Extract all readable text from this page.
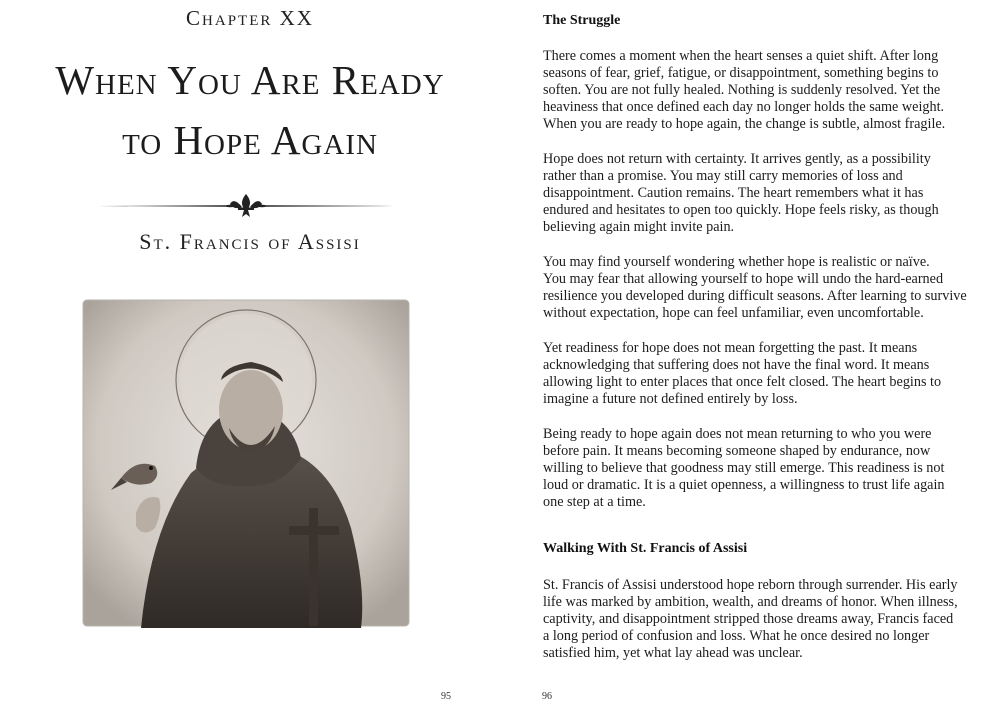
Chapter XX
When You Are Ready
to Hope Again
St. Francis of Assisi
95
The Struggle
There comes a moment when the heart senses a quiet shift. After long
seasons of fear, grief, fatigue, or disappointment, something begins to
soften. You are not fully healed. Nothing is suddenly resolved. Yet the
heaviness that once defined each day no longer holds the same weight.
When you are ready to hope again, the change is subtle, almost fragile.
Hope does not return with certainty. It arrives gently, as a possibility
rather than a promise. You may still carry memories of loss and
disappointment. Caution remains. The heart remembers what it has
endured and hesitates to open too quickly. Hope feels risky, as though
believing again might invite pain.
You may find yourself wondering whether hope is realistic or naïve.
You may fear that allowing yourself to hope will undo the hard-earned
resilience you developed during difficult seasons. After learning to survive
without expectation, hope can feel unfamiliar, even uncomfortable.
Yet readiness for hope does not mean forgetting the past. It means
acknowledging that suffering does not have the final word. It means
allowing light to enter places that once felt closed. The heart begins to
imagine a future not defined entirely by loss.
Being ready to hope again does not mean returning to who you were
before pain. It means becoming someone shaped by endurance, now
willing to believe that goodness may still emerge. This readiness is not
loud or dramatic. It is a quiet openness, a willingness to trust life again
one step at a time.
Walking With St. Francis of Assisi
St. Francis of Assisi understood hope reborn through surrender. His early
life was marked by ambition, wealth, and dreams of honor. When illness,
captivity, and disappointment stripped those dreams away, Francis faced
a long period of confusion and loss. What he once desired no longer
satisfied him, yet what lay ahead was unclear.
96
